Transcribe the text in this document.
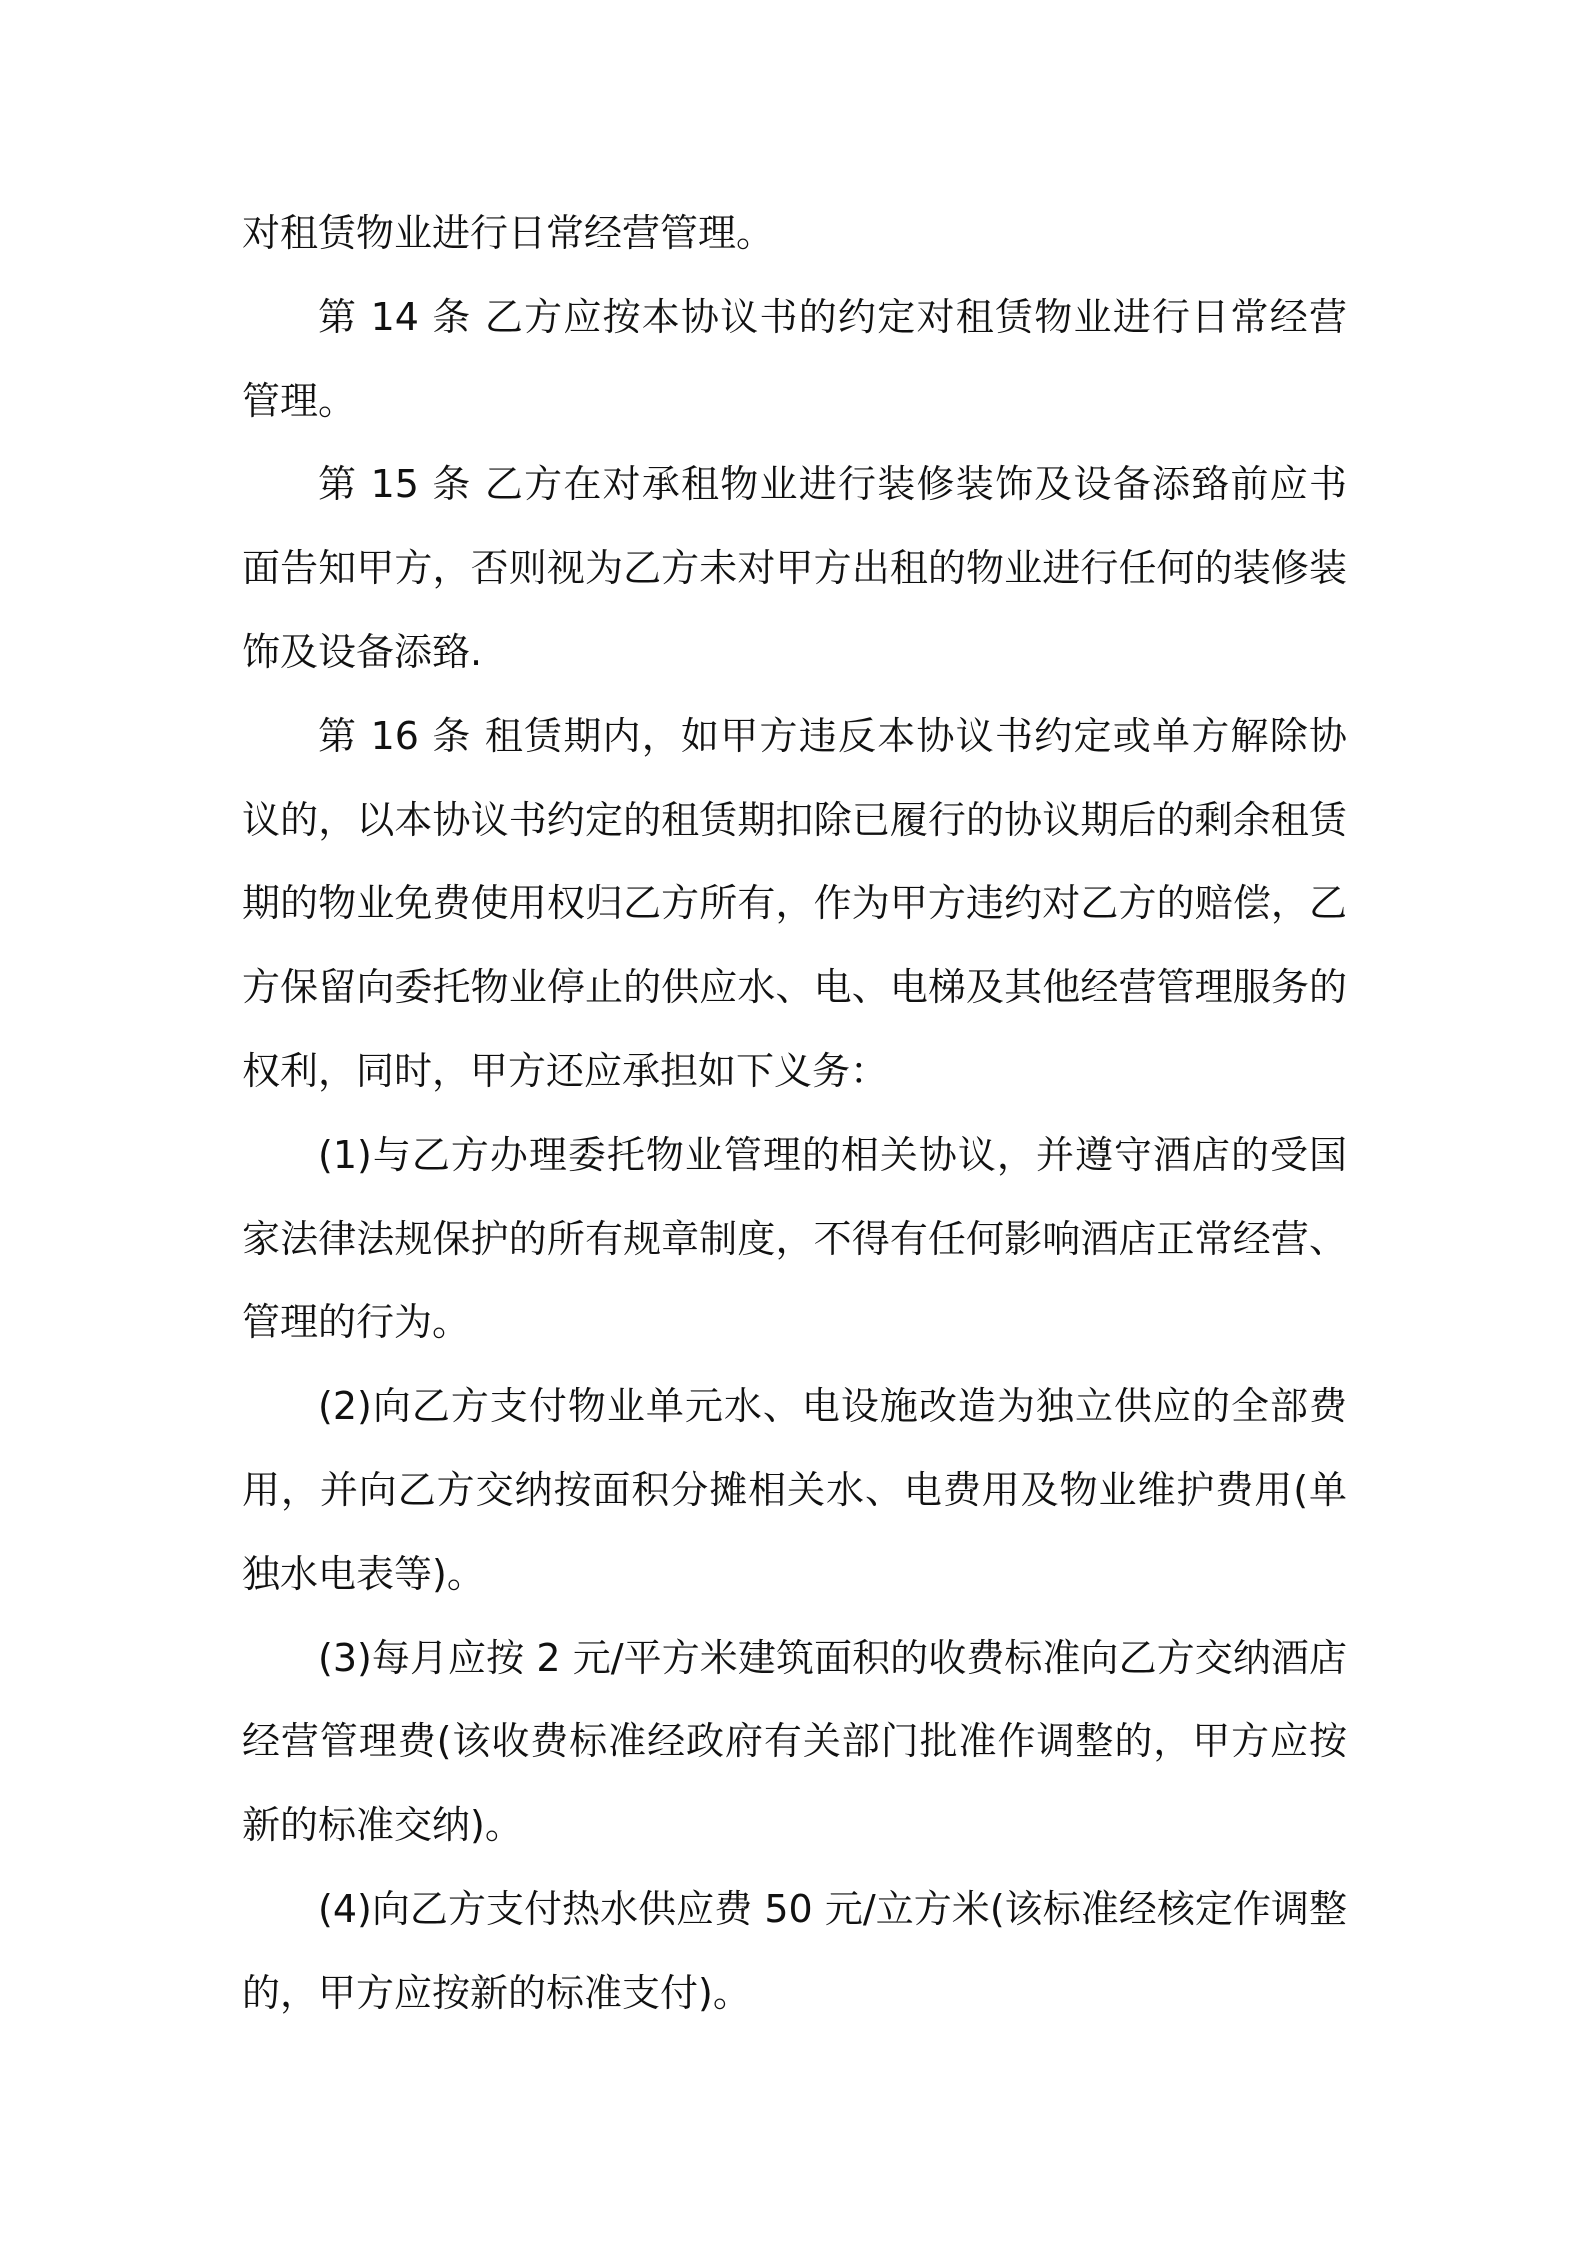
对租赁物业进行日常经营管理。

第 14 条 乙方应按本协议书的约定对租赁物业进行日常经营管理。

第 15 条 乙方在对承租物业进行装修装饰及设备添臵前应书面告知甲方，否则视为乙方未对甲方出租的物业进行任何的装修装饰及设备添臵.

第 16 条 租赁期内，如甲方违反本协议书约定或单方解除协议的，以本协议书约定的租赁期扣除已履行的协议期后的剩余租赁期的物业免费使用权归乙方所有，作为甲方违约对乙方的赔偿，乙方保留向委托物业停止的供应水、电、电梯及其他经营管理服务的权利，同时，甲方还应承担如下义务：

(1)与乙方办理委托物业管理的相关协议，并遵守酒店的受国家法律法规保护的所有规章制度，不得有任何影响酒店正常经营、管理的行为。

(2)向乙方支付物业单元水、电设施改造为独立供应的全部费用，并向乙方交纳按面积分摊相关水、电费用及物业维护费用(单独水电表等)。

(3)每月应按 2 元/平方米建筑面积的收费标准向乙方交纳酒店经营管理费(该收费标准经政府有关部门批准作调整的，甲方应按新的标准交纳)。

(4)向乙方支付热水供应费 50 元/立方米(该标准经核定作调整的，甲方应按新的标准支付)。
